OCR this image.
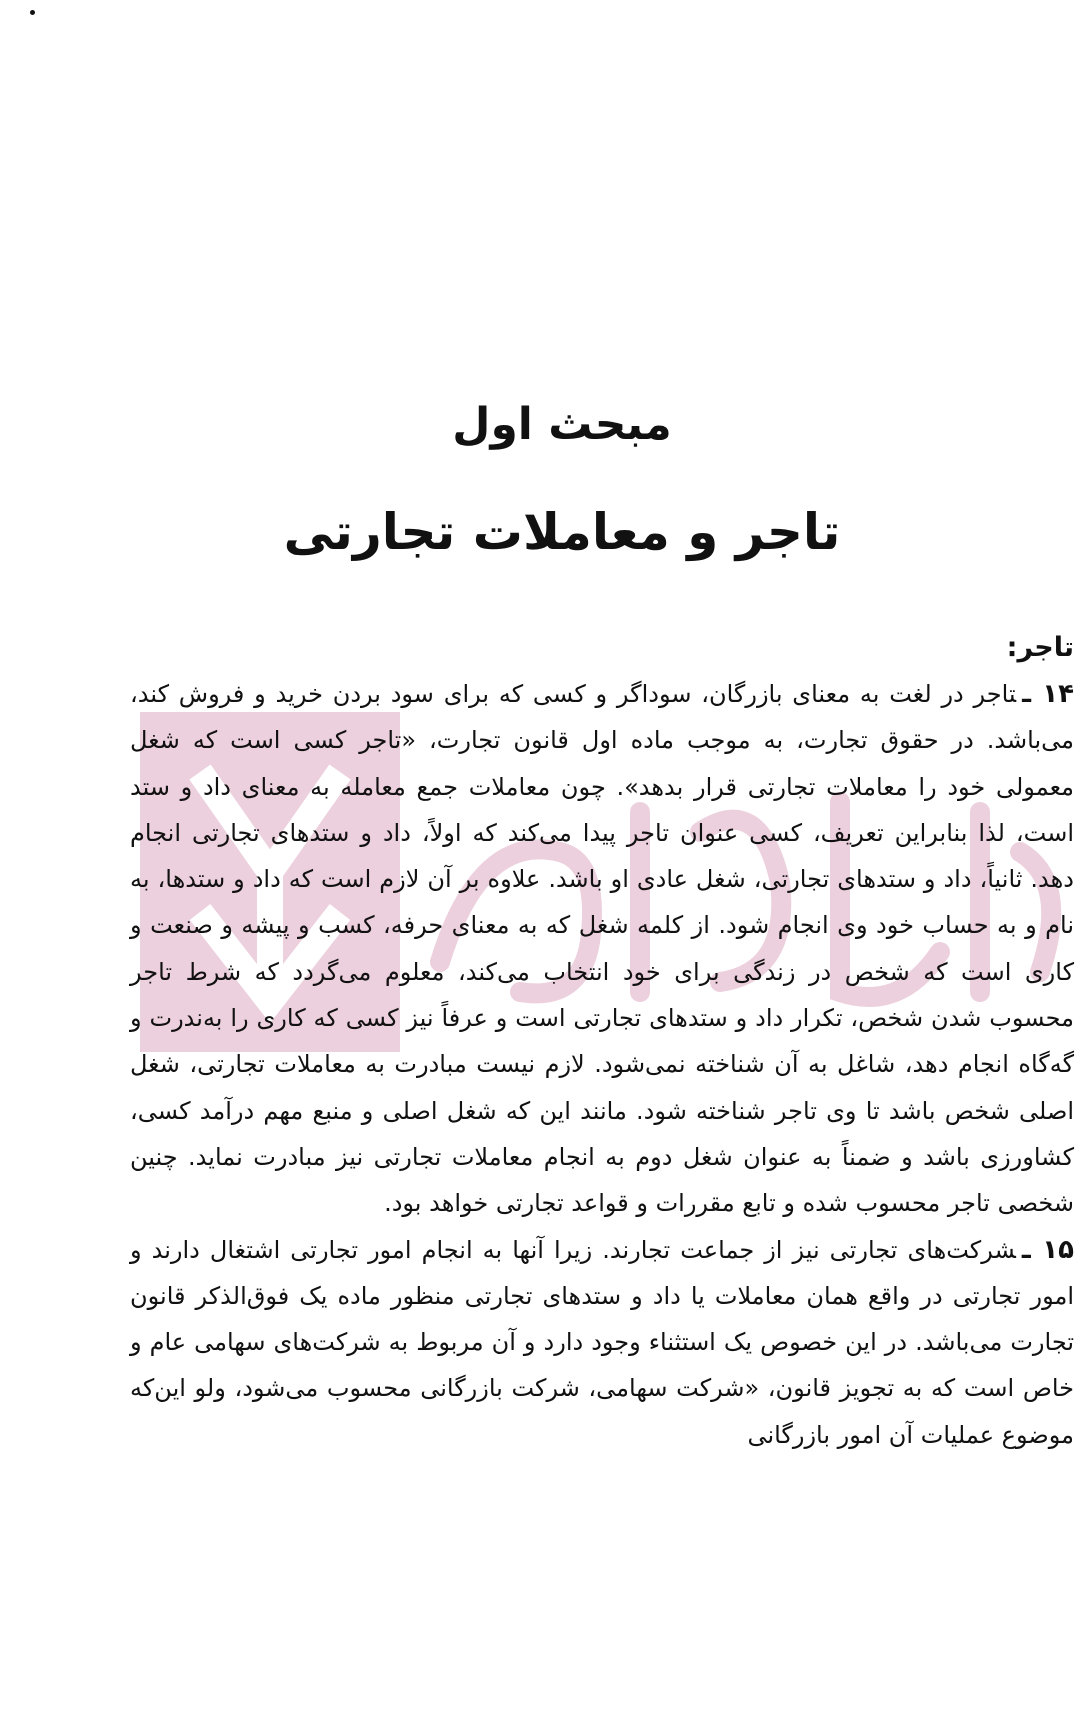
مبحث اول
تاجر و معاملات تجارتی

تاجر:

۱۴ ـتاجر در لغت به معنای بازرگان، سوداگر و کسی که برای سود بردن خرید و فروش کند، می‌باشد. در حقوق تجارت، به موجب ماده اول قانون تجارت، «تاجر کسی است که شغل معمولی خود را معاملات تجارتی قرار بدهد». چون معاملات جمع معامله به معنای داد و ستد است، لذا بنابراین تعریف، کسی عنوان تاجر پیدا می‌کند که اولاً، داد و ستدهای تجارتی انجام دهد. ثانیاً، داد و ستدهای تجارتی، شغل عادی او باشد. علاوه بر آن لازم است که داد و ستدها، به نام و به حساب خود وی انجام شود. از کلمه شغل که به معنای حرفه، کسب و پیشه و صنعت و کاری است که شخص در زندگی برای خود انتخاب می‌کند، معلوم می‌گردد که شرط تاجر محسوب شدن شخص، تکرار داد و ستدهای تجارتی است و عرفاً نیز کسی که کاری را به‌ندرت و گه‌گاه انجام دهد، شاغل به آن شناخته نمی‌شود. لازم نیست مبادرت به معاملات تجارتی، شغل اصلی شخص باشد تا وی تاجر شناخته شود. مانند این که شغل اصلی و منبع مهم درآمد کسی، کشاورزی باشد و ضمناً به عنوان شغل دوم به انجام معاملات تجارتی نیز مبادرت نماید. چنین شخصی تاجر محسوب شده و تابع مقررات و قواعد تجارتی خواهد بود.

۱۵ ـشرکت‌های تجارتی نیز از جماعت تجارند. زیرا آنها به انجام امور تجارتی اشتغال دارند و امور تجارتی در واقع همان معاملات یا داد و ستدهای تجارتی منظور ماده یک فوق‌الذکر قانون تجارت می‌باشد. در این خصوص یک استثناء وجود دارد و آن مربوط به شرکت‌های سهامی عام و خاص است که به تجویز قانون، «شرکت سهامی، شرکت بازرگانی محسوب می‌شود، ولو این‌که موضوع عملیات آن امور بازرگانی
